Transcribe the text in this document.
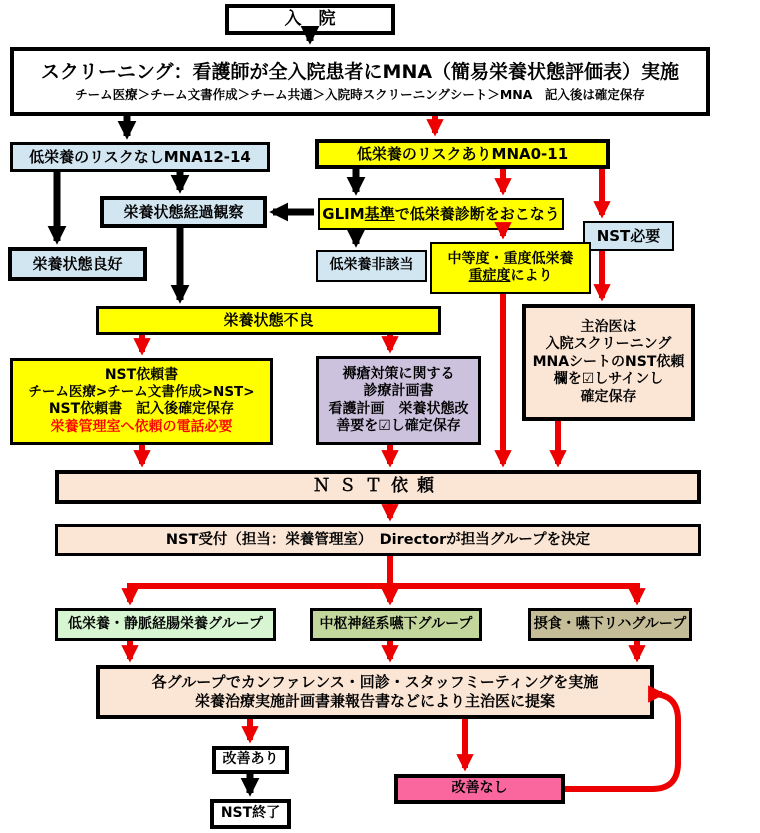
入　院
スクリーニング：看護師が全入院患者にMNA（簡易栄養状態評価表）実施
チーム医療＞チーム文書作成＞チーム共通＞入院時スクリーニングシート＞MNA　記入後は確定保存
低栄養のリスクなしMNA12-14	低栄養のリスクありMNA0-11
栄養状態経過観察	GLIM基準で低栄養診断をおこなう
NST必要
栄養状態良好	低栄養非該当 中等度・重度低栄養
重症度により
栄養状態不良
NST依頼書
チーム医療>チーム文書作成>NST>
NST依頼書　記入後確定保存
栄養管理室へ依頼の電話必要
褥瘡対策に関する
診療計画書
看護計画　栄養状態改
善要を☑し確定保存
主治医は
入院スクリーニング
MNAシートのNST依頼
欄を☑しサインし
確定保存
ＮＳＴ依頼
NST受付（担当：栄養管理室）　Directorが担当グループを決定
低栄養・静脈経腸栄養グループ	中枢神経系嚥下グループ	摂食・嚥下リハグループ
各グループでカンファレンス・回診・スタッフミーティングを実施
栄養治療実施計画書兼報告書などにより主治医に提案
改善あり
NST終了
改善なし
